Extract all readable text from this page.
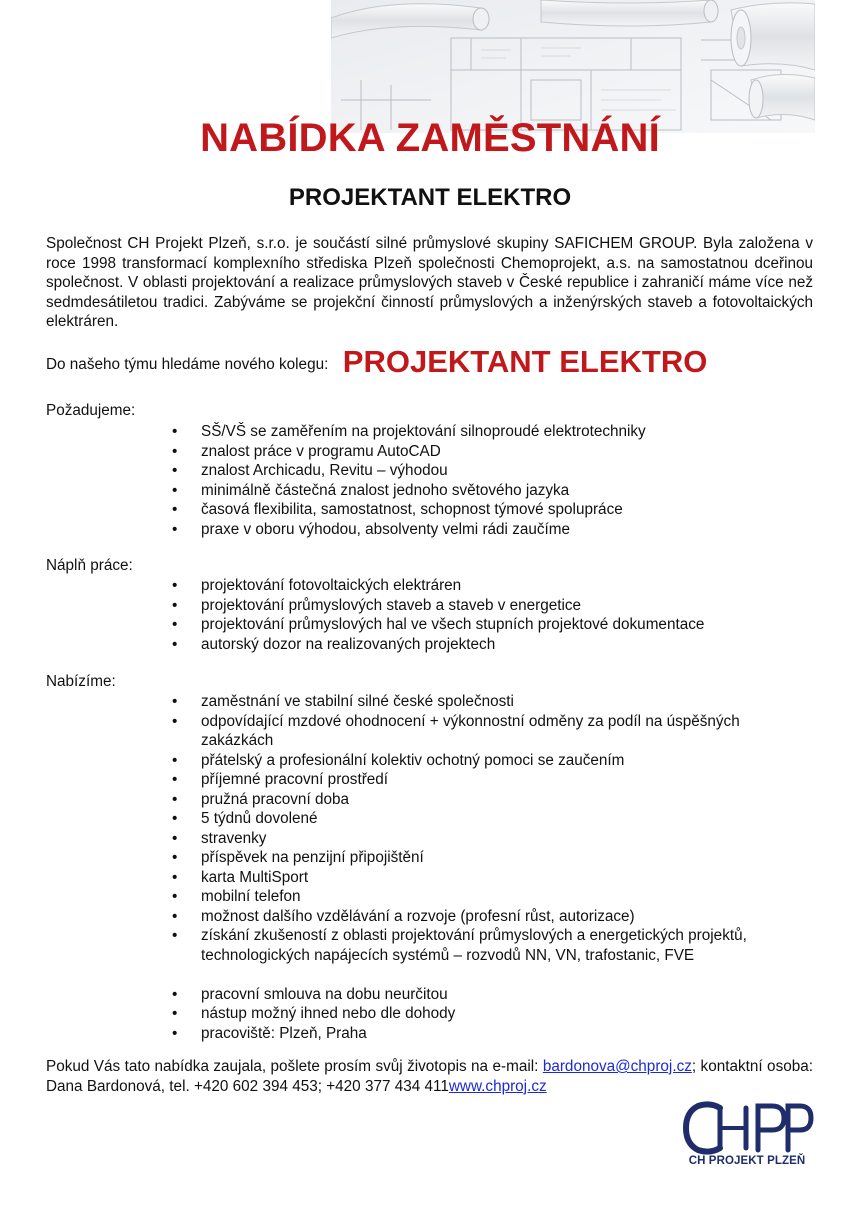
NABÍDKA ZAMĚSTNÁNÍ
PROJEKTANT ELEKTRO
Společnost CH Projekt Plzeň, s.r.o. je součástí silné průmyslové skupiny SAFICHEM GROUP. Byla založena v roce 1998 transformací komplexního střediska Plzeň společnosti Chemoprojekt, a.s. na samostatnou dceřinou společnost. V oblasti projektování a realizace průmyslových staveb v České republice i zahraničí máme více než sedmdesátiletou tradici. Zabýváme se projekční činností průmyslových a inženýrských staveb a fotovoltaických elektráren.
Do našeho týmu hledáme nového kolegu: PROJEKTANT ELEKTRO
Požadujeme:
• SŠ/VŠ se zaměřením na projektování silnoproudé elektrotechniky
• znalost práce v programu AutoCAD
• znalost Archicadu, Revitu – výhodou
• minimálně částečná znalost jednoho světového jazyka
• časová flexibilita, samostatnost, schopnost týmové spolupráce
• praxe v oboru výhodou, absolventy velmi rádi zaučíme
Náplň práce:
• projektování fotovoltaických elektráren
• projektování průmyslových staveb a staveb v energetice
• projektování průmyslových hal ve všech stupních projektové dokumentace
• autorský dozor na realizovaných projektech
Nabízíme:
• zaměstnání ve stabilní silné české společnosti
• odpovídající mzdové ohodnocení + výkonnostní odměny za podíl na úspěšných zakázkách
• přátelský a profesionální kolektiv ochotný pomoci se zaučením
• příjemné pracovní prostředí
• pružná pracovní doba
• 5 týdnů dovolené
• stravenky
• příspěvek na penzijní připojištění
• karta MultiSport
• mobilní telefon
• možnost dalšího vzdělávání a rozvoje (profesní růst, autorizace)
• získání zkušeností z oblasti projektování průmyslových a energetických projektů, technologických napájecích systémů – rozvodů NN, VN, trafostanic, FVE
• pracovní smlouva na dobu neurčitou
• nástup možný ihned nebo dle dohody
• pracoviště: Plzeň, Praha
Pokud Vás tato nabídka zaujala, pošlete prosím svůj životopis na e-mail: bardonova@chproj.cz; kontaktní osoba: Dana Bardonová, tel. +420 602 394 453; +420 377 434 411www.chproj.cz
CH PROJEKT PLZEŇ
